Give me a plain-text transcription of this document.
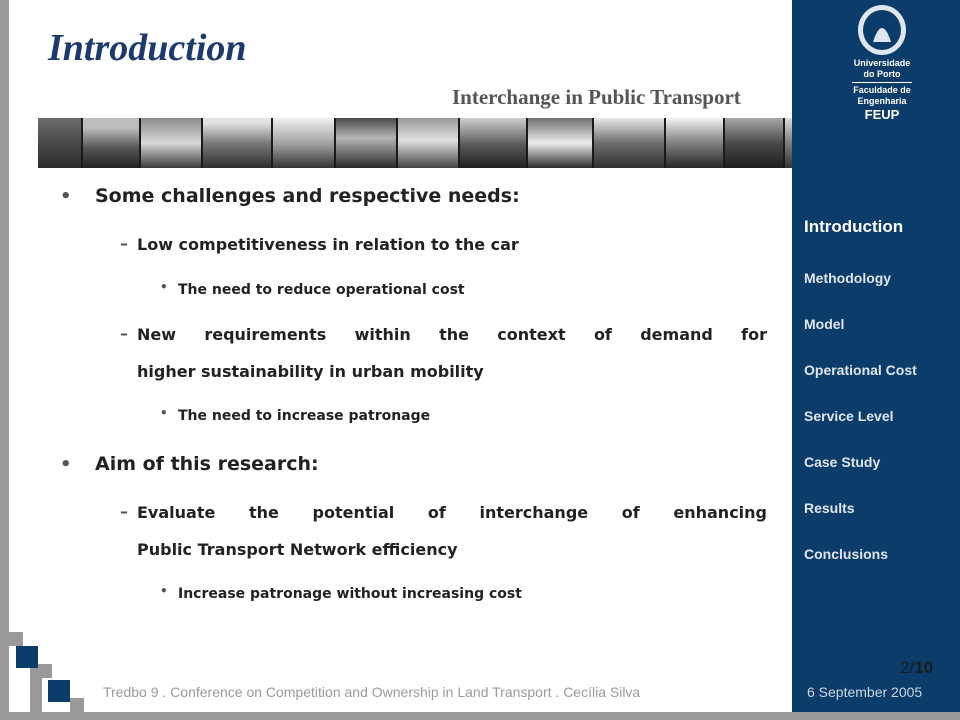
Introduction
Interchange in Public Transport
Universidade
do Porto
Faculdade de
Engenharia
FEUP
Introduction
Methodology
Model
Operational Cost
Service Level
Case Study
Results
Conclusions
2/10
6 September 2005
Tredbo 9 . Conference on Competition and Ownership in Land Transport . Cecília Silva
• Some challenges and respective needs:
– Low competitiveness in relation to the car
• The need to reduce operational cost
– New requirements within the context of demand for
higher sustainability in urban mobility
• The need to increase patronage
• Aim of this research:
– Evaluate the potential of interchange of enhancing
Public Transport Network efficiency
• Increase patronage without increasing cost
